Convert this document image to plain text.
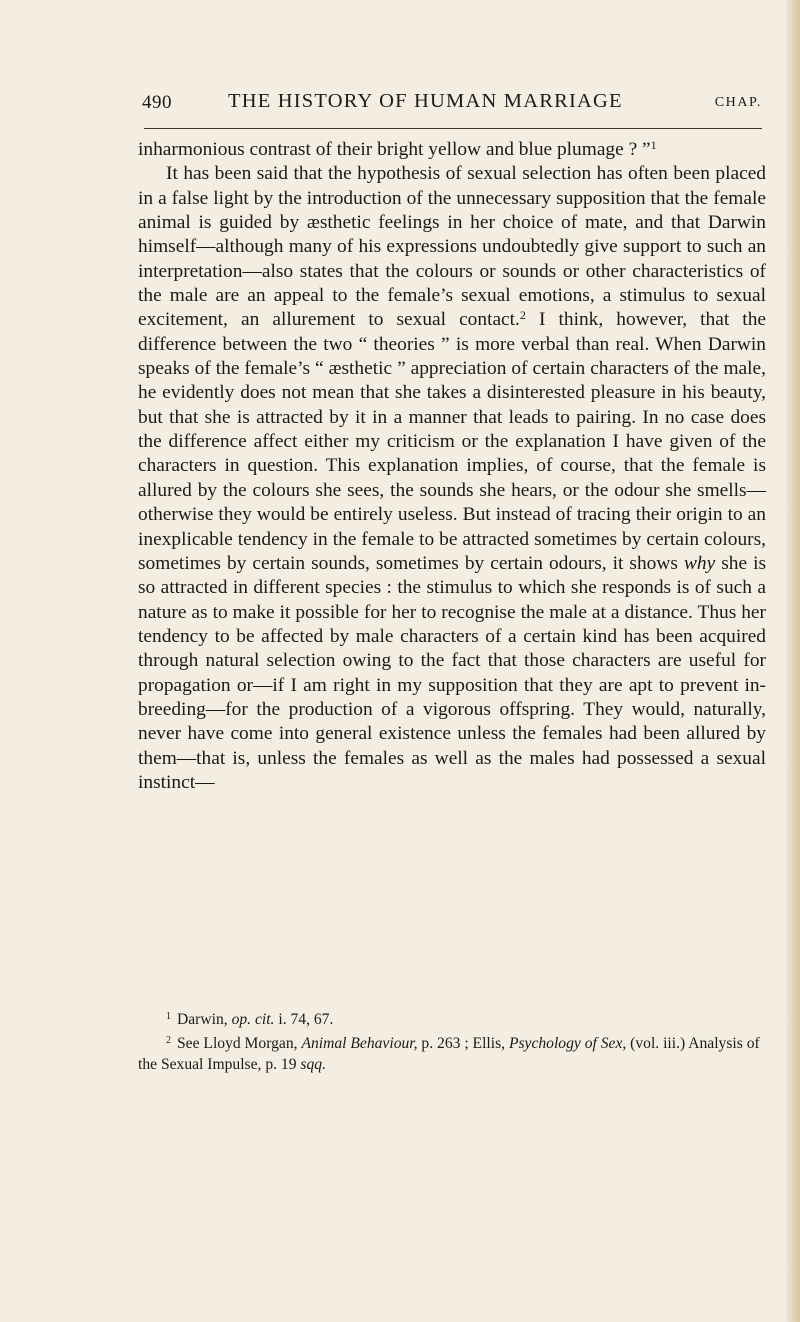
490	THE HISTORY OF HUMAN MARRIAGE	CHAP.

inharmonious contrast of their bright yellow and blue plumage ? ”$^1$

It has been said that the hypothesis of sexual selection has often been placed in a false light by the introduction of the unnecessary supposition that the female animal is guided by æsthetic feelings in her choice of mate, and that Darwin himself—although many of his expressions undoubtedly give support to such an interpretation—also states that the colours or sounds or other characteristics of the male are an appeal to the female’s sexual emotions, a stimulus to sexual excitement, an allurement to sexual contact.$^2$ I think, however, that the difference between the two “ theories ” is more verbal than real. When Darwin speaks of the female’s “ æsthetic ” appreciation of certain characters of the male, he evidently does not mean that she takes a disinterested pleasure in his beauty, but that she is attracted by it in a manner that leads to pairing. In no case does the difference affect either my criticism or the explanation I have given of the characters in question. This explanation implies, of course, that the female is allured by the colours she sees, the sounds she hears, or the odour she smells—otherwise they would be entirely useless. But instead of tracing their origin to an inexplicable tendency in the female to be attracted sometimes by certain colours, sometimes by certain sounds, sometimes by certain odours, it shows why she is so attracted in different species : the stimulus to which she responds is of such a nature as to make it possible for her to recognise the male at a distance. Thus her tendency to be affected by male characters of a certain kind has been acquired through natural selection owing to the fact that those characters are useful for propagation or—if I am right in my supposition that they are apt to prevent in-breeding—for the production of a vigorous offspring. They would, naturally, never have come into general existence unless the females had been allured by them—that is, unless the females as well as the males had possessed a sexual instinct—

$^1$ Darwin, op. cit. i. 74, 67.

$^2$ See Lloyd Morgan, Animal Behaviour, p. 263 ; Ellis, Psychology of Sex, (vol. iii.) Analysis of the Sexual Impulse, p. 19 sqq.
